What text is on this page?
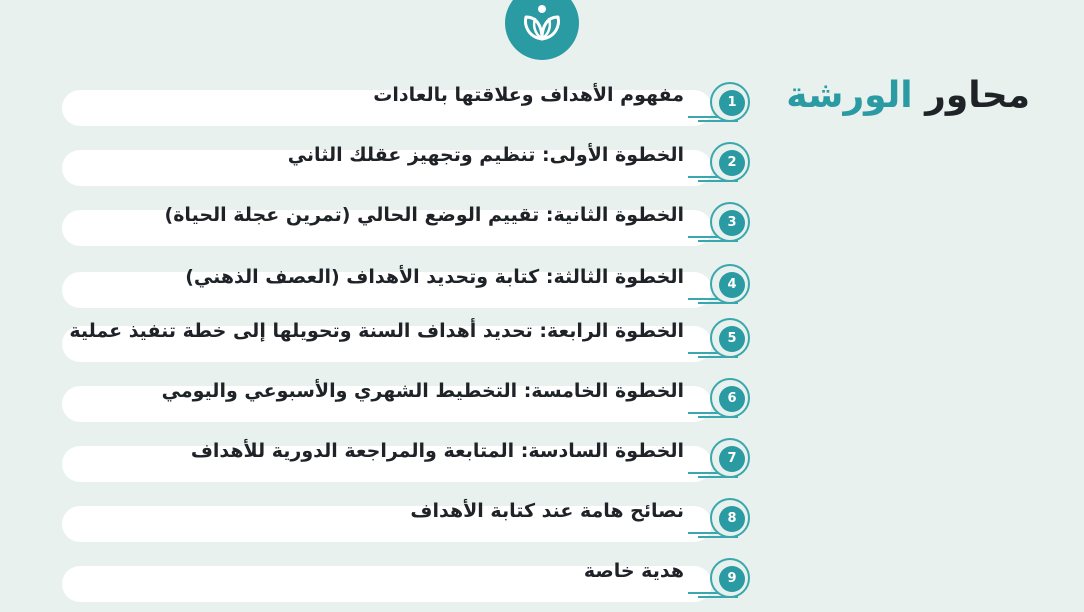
محاور الورشة
مفهوم الأهداف وعلاقتها بالعادات	1
الخطوة الأولى: تنظيم وتجهيز عقلك الثاني	2
الخطوة الثانية: تقييم الوضع الحالي (تمرين عجلة الحياة)	3
الخطوة الثالثة: كتابة وتحديد الأهداف (العصف الذهني)	4
الخطوة الرابعة: تحديد أهداف السنة وتحويلها إلى خطة تنفيذ عملية	5
الخطوة الخامسة: التخطيط الشهري والأسبوعي واليومي	6
الخطوة السادسة: المتابعة والمراجعة الدورية للأهداف	7
نصائح هامة عند كتابة الأهداف	8
هدية خاصة	9
